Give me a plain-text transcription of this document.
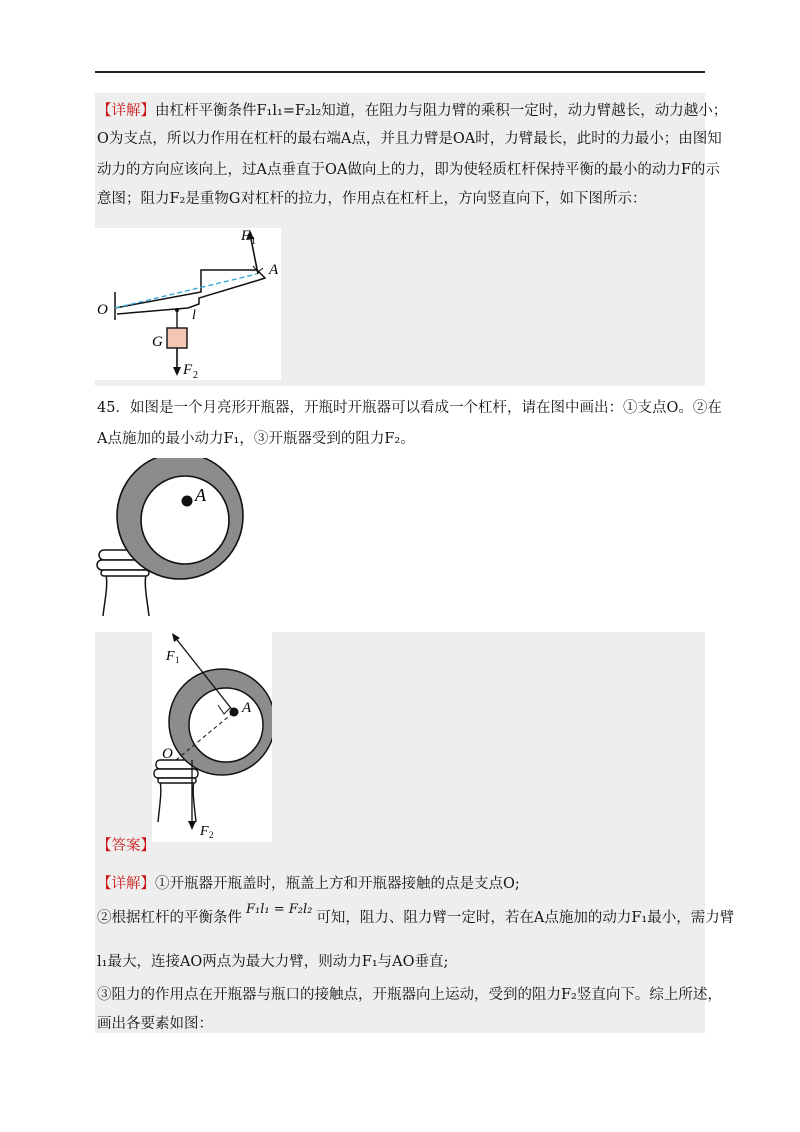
【详解】由杠杆平衡条件F₁l₁=F₂l₂知道，在阻力与阻力臂的乘积一定时，动力臂越长，动力越小；
O为支点，所以力作用在杠杆的最右端A点，并且力臂是OA时，力臂最长，此时的力最小；由图知
动力的方向应该向上，过A点垂直于OA做向上的力，即为使轻质杠杆保持平衡的最小的动力F的示
意图；阻力F₂是重物G对杠杆的拉力，作用点在杠杆上，方向竖直向下，如下图所示：
F 1
A
O	l
G
F 2
45．如图是一个月亮形开瓶器，开瓶时开瓶器可以看成一个杠杆，请在图中画出：①支点O。②在
A点施加的最小动力F₁，③开瓶器受到的阻力F₂。
A
F 1
A
O
F 2
【答案】
【详解】①开瓶器开瓶盖时，瓶盖上方和开瓶器接触的点是支点O;
②根据杠杆的平衡条件F₁l₁ = F₂l₂可知，阻力、阻力臂一定时，若在A点施加的动力F₁最小，需力臂
l₁最大，连接AO两点为最大力臂，则动力F₁与AO垂直;
③阻力的作用点在开瓶器与瓶口的接触点，开瓶器向上运动，受到的阻力F₂竖直向下。综上所述，
画出各要素如图：
